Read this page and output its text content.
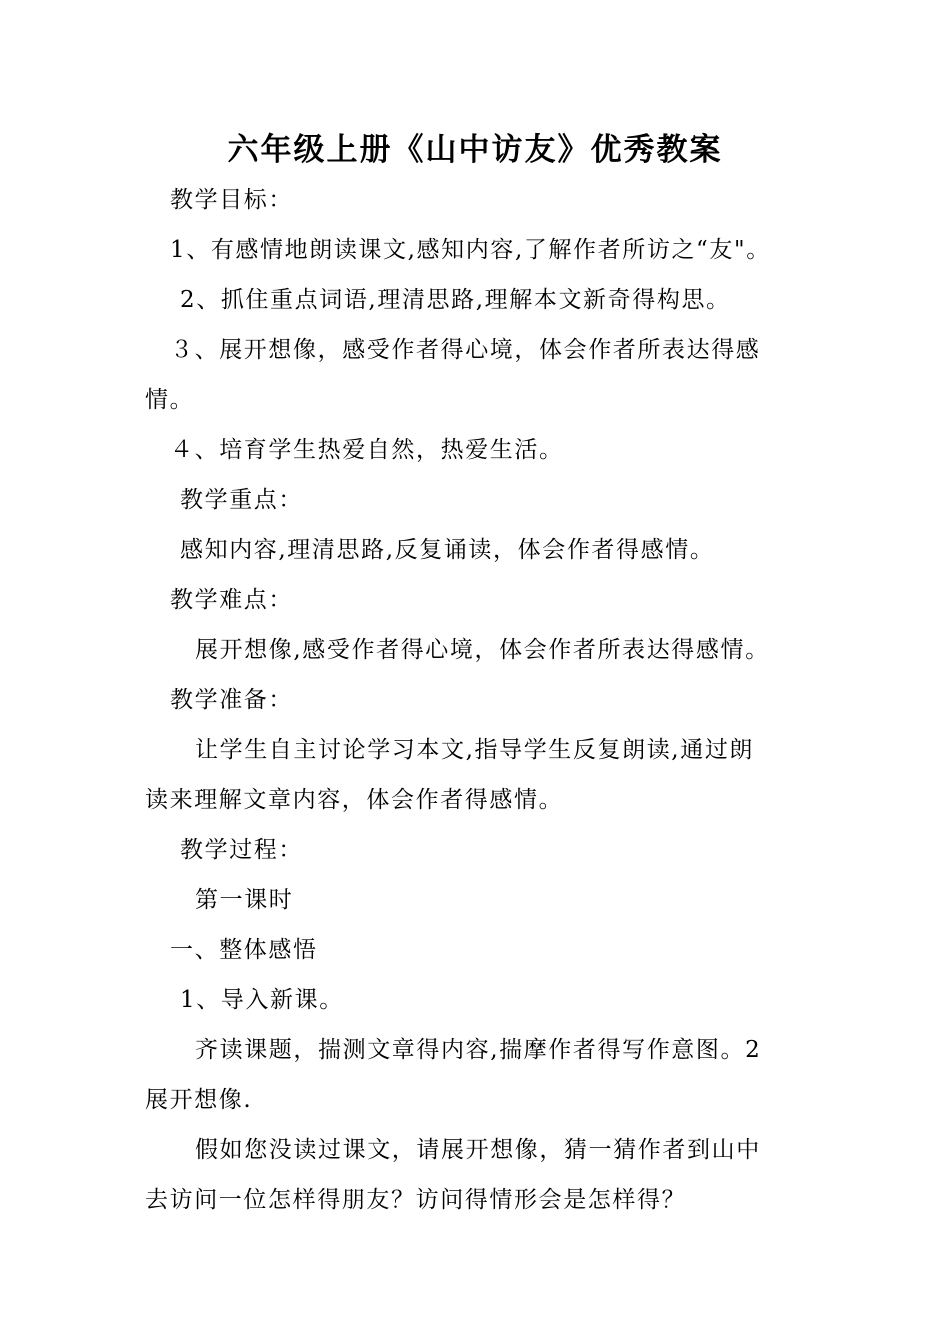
六年级上册《山中访友》优秀教案
教学目标：
1、有感情地朗读课文,感知内容,了解作者所访之“友"。
2、抓住重点词语,理清思路,理解本文新奇得构思。
３、展开想像，感受作者得心境，体会作者所表达得感
情。
４、培育学生热爱自然，热爱生活。
教学重点：
感知内容,理清思路,反复诵读，体会作者得感情。
教学难点：
展开想像,感受作者得心境，体会作者所表达得感情。
教学准备：
让学生自主讨论学习本文,指导学生反复朗读,通过朗
读来理解文章内容，体会作者得感情。
教学过程：
第一课时
一、整体感悟
1、导入新课。
齐读课题，揣测文章得内容,揣摩作者得写作意图。2
展开想像.
假如您没读过课文，请展开想像，猜一猜作者到山中
去访问一位怎样得朋友？访问得情形会是怎样得？
